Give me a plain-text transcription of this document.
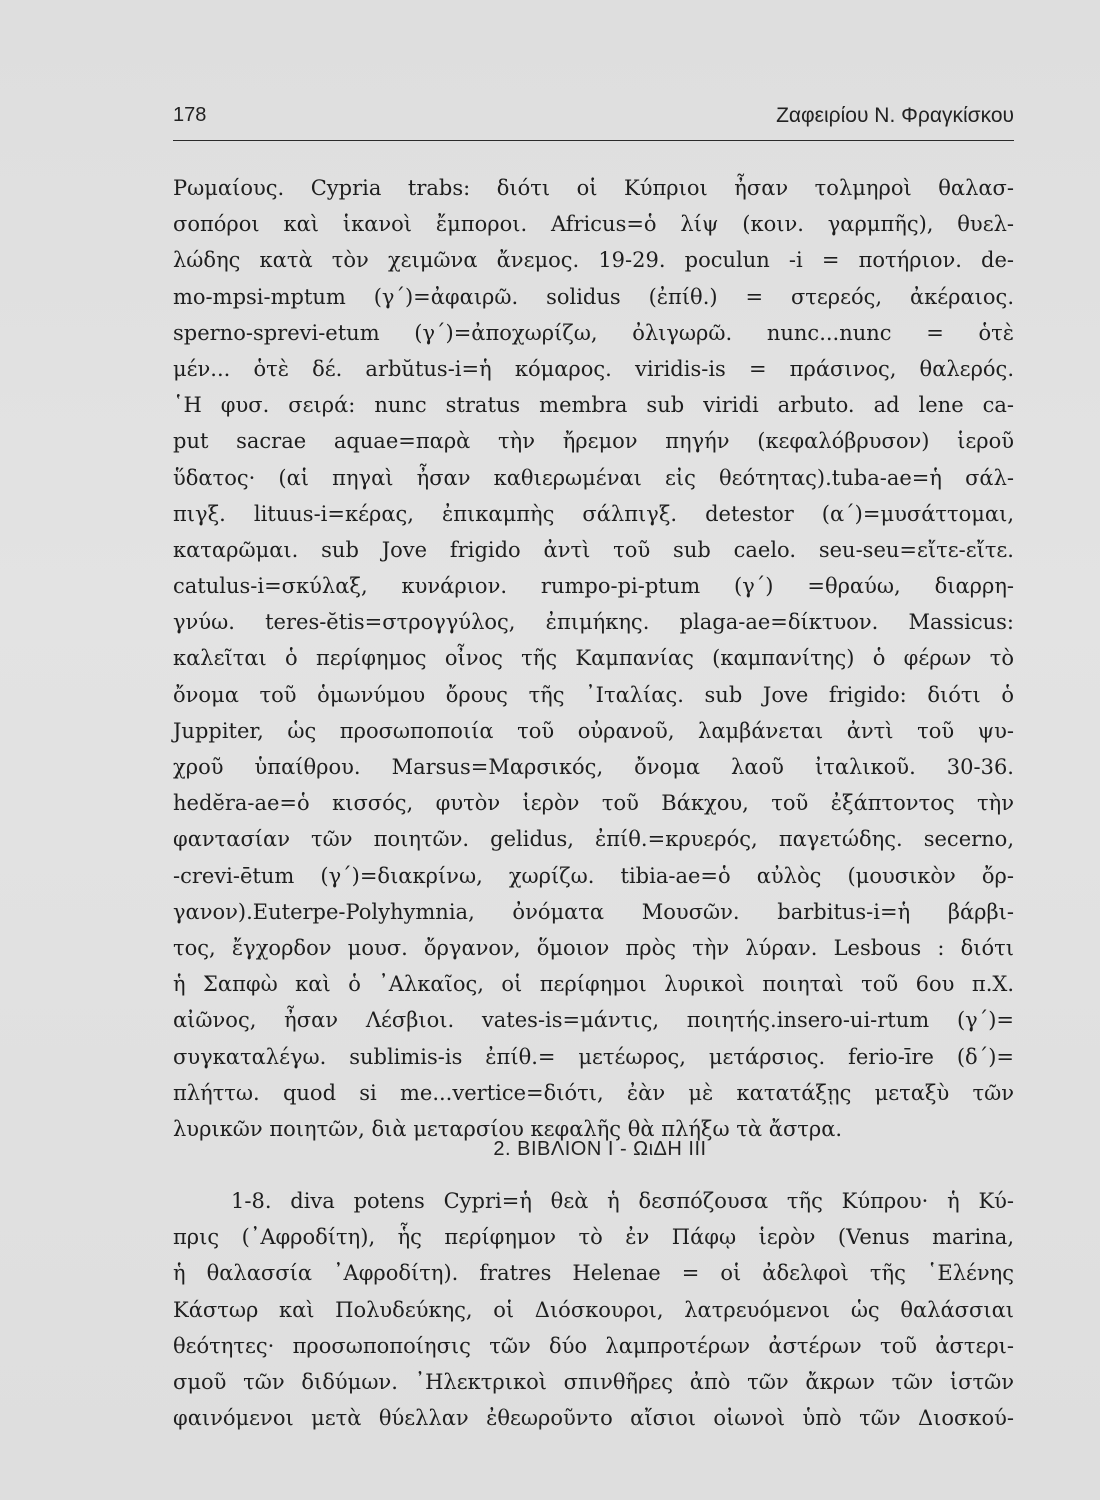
178	Ζαφειρίου Ν. Φραγκίσκου
Ρωμαίους. Cypria trabs: διότι οἱ Κύπριοι ἦσαν τολμηροὶ θαλασ-
σοπόροι καὶ ἱκανοὶ ἔμποροι. Africus=ὁ λίψ (κοιν. γαρμπῆς), θυελ-
λώδης κατὰ τὸν χειμῶνα ἄνεμος. 19-29. poculun -i = ποτήριον. de-
mo-mpsi-mptum (γ΄)=ἀφαιρῶ. solidus (ἐπίθ.) = στερεός, ἀκέραιος.
sperno-sprevi-etum (γ΄)=ἀποχωρίζω, ὀλιγωρῶ. nunc...nunc = ὁτὲ
μέν... ὁτὲ δέ. arbŭtus-i=ἡ κόμαρος. viridis-is = πράσινος, θαλερός.
῾Η φυσ. σειρά: nunc stratus membra sub viridi arbuto. ad lene ca-
put sacrae aquae=παρὰ τὴν ἤρεμον πηγήν (κεφαλόβρυσον) ἱεροῦ
ὕδατος· (αἱ πηγαὶ ἦσαν καθιερωμέναι εἰς θεότητας).tuba-ae=ἡ σάλ-
πιγξ. lituus-i=κέρας, ἐπικαμπὴς σάλπιγξ. detestor (α΄)=μυσάττομαι,
καταρῶμαι. sub Jove frigido ἀντὶ τοῦ sub caelo. seu-seu=εἴτε-εἴτε.
catulus-i=σκύλαξ, κυνάριον. rumpo-pi-ptum (γ΄) =θραύω, διαρρη-
γνύω. teres-ĕtis=στρογγύλος, ἐπιμήκης. plaga-ae=δίκτυον. Massicus:
καλεῖται ὁ περίφημος οἶνος τῆς Καμπανίας (καμπανίτης) ὁ φέρων τὸ
ὄνομα τοῦ ὁμωνύμου ὄρους τῆς ᾿Ιταλίας. sub Jove frigido: διότι ὁ
Juppiter, ὡς προσωποποιία τοῦ οὐρανοῦ, λαμβάνεται ἀντὶ τοῦ ψυ-
χροῦ ὑπαίθρου. Marsus=Μαρσικός, ὄνομα λαοῦ ἰταλικοῦ. 30-36.
hedĕra-ae=ὁ κισσός, φυτὸν ἱερὸν τοῦ Βάκχου, τοῦ ἐξάπτοντος τὴν
φαντασίαν τῶν ποιητῶν. gelidus, ἐπίθ.=κρυερός, παγετώδης. secerno,
-crevi-ētum (γ΄)=διακρίνω, χωρίζω. tibia-ae=ὁ αὐλὸς (μουσικὸν ὄρ-
γανον).Euterpe-Polyhymnia, ὀνόματα Μουσῶν. barbitus-i=ἡ βάρβι-
τος, ἔγχορδον μουσ. ὄργανον, ὅμοιον πρὸς τὴν λύραν. Lesbous : διότι
ἡ Σαπφὼ καὶ ὁ ᾿Αλκαῖος, οἱ περίφημοι λυρικοὶ ποιηταὶ τοῦ 6ου π.Χ.
αἰῶνος, ἦσαν Λέσβιοι. vates-is=μάντις, ποιητής.insero-ui-rtum (γ΄)=
συγκαταλέγω. sublimis-is ἐπίθ.= μετέωρος, μετάρσιος. ferio-īre (δ΄)=
πλήττω. quod si me...vertice=διότι, ἐὰν μὲ κατατάξῃς μεταξὺ τῶν
λυρικῶν ποιητῶν, διὰ μεταρσίου κεφαλῆς θὰ πλήξω τὰ ἄστρα.
2. ΒΙΒΛΙΟΝ I - ΩιΔΗ III
1-8. diva potens Cypri=ἡ θεὰ ἡ δεσπόζουσα τῆς Κύπρου· ἡ Κύ-
πρις (᾿Αφροδίτη), ἧς περίφημον τὸ ἐν Πάφῳ ἱερὸν (Venus marina,
ἡ θαλασσία ᾿Αφροδίτη). fratres Helenae = οἱ ἀδελφοὶ τῆς ῾Ελένης
Κάστωρ καὶ Πολυδεύκης, οἱ Διόσκουροι, λατρευόμενοι ὡς θαλάσσιαι
θεότητες· προσωποποίησις τῶν δύο λαμπροτέρων ἀστέρων τοῦ ἀστερι-
σμοῦ τῶν διδύμων. ᾿Ηλεκτρικοὶ σπινθῆρες ἀπὸ τῶν ἄκρων τῶν ἱστῶν
φαινόμενοι μετὰ θύελλαν ἐθεωροῦντο αἴσιοι οἰωνοὶ ὑπὸ τῶν Διοσκού-
